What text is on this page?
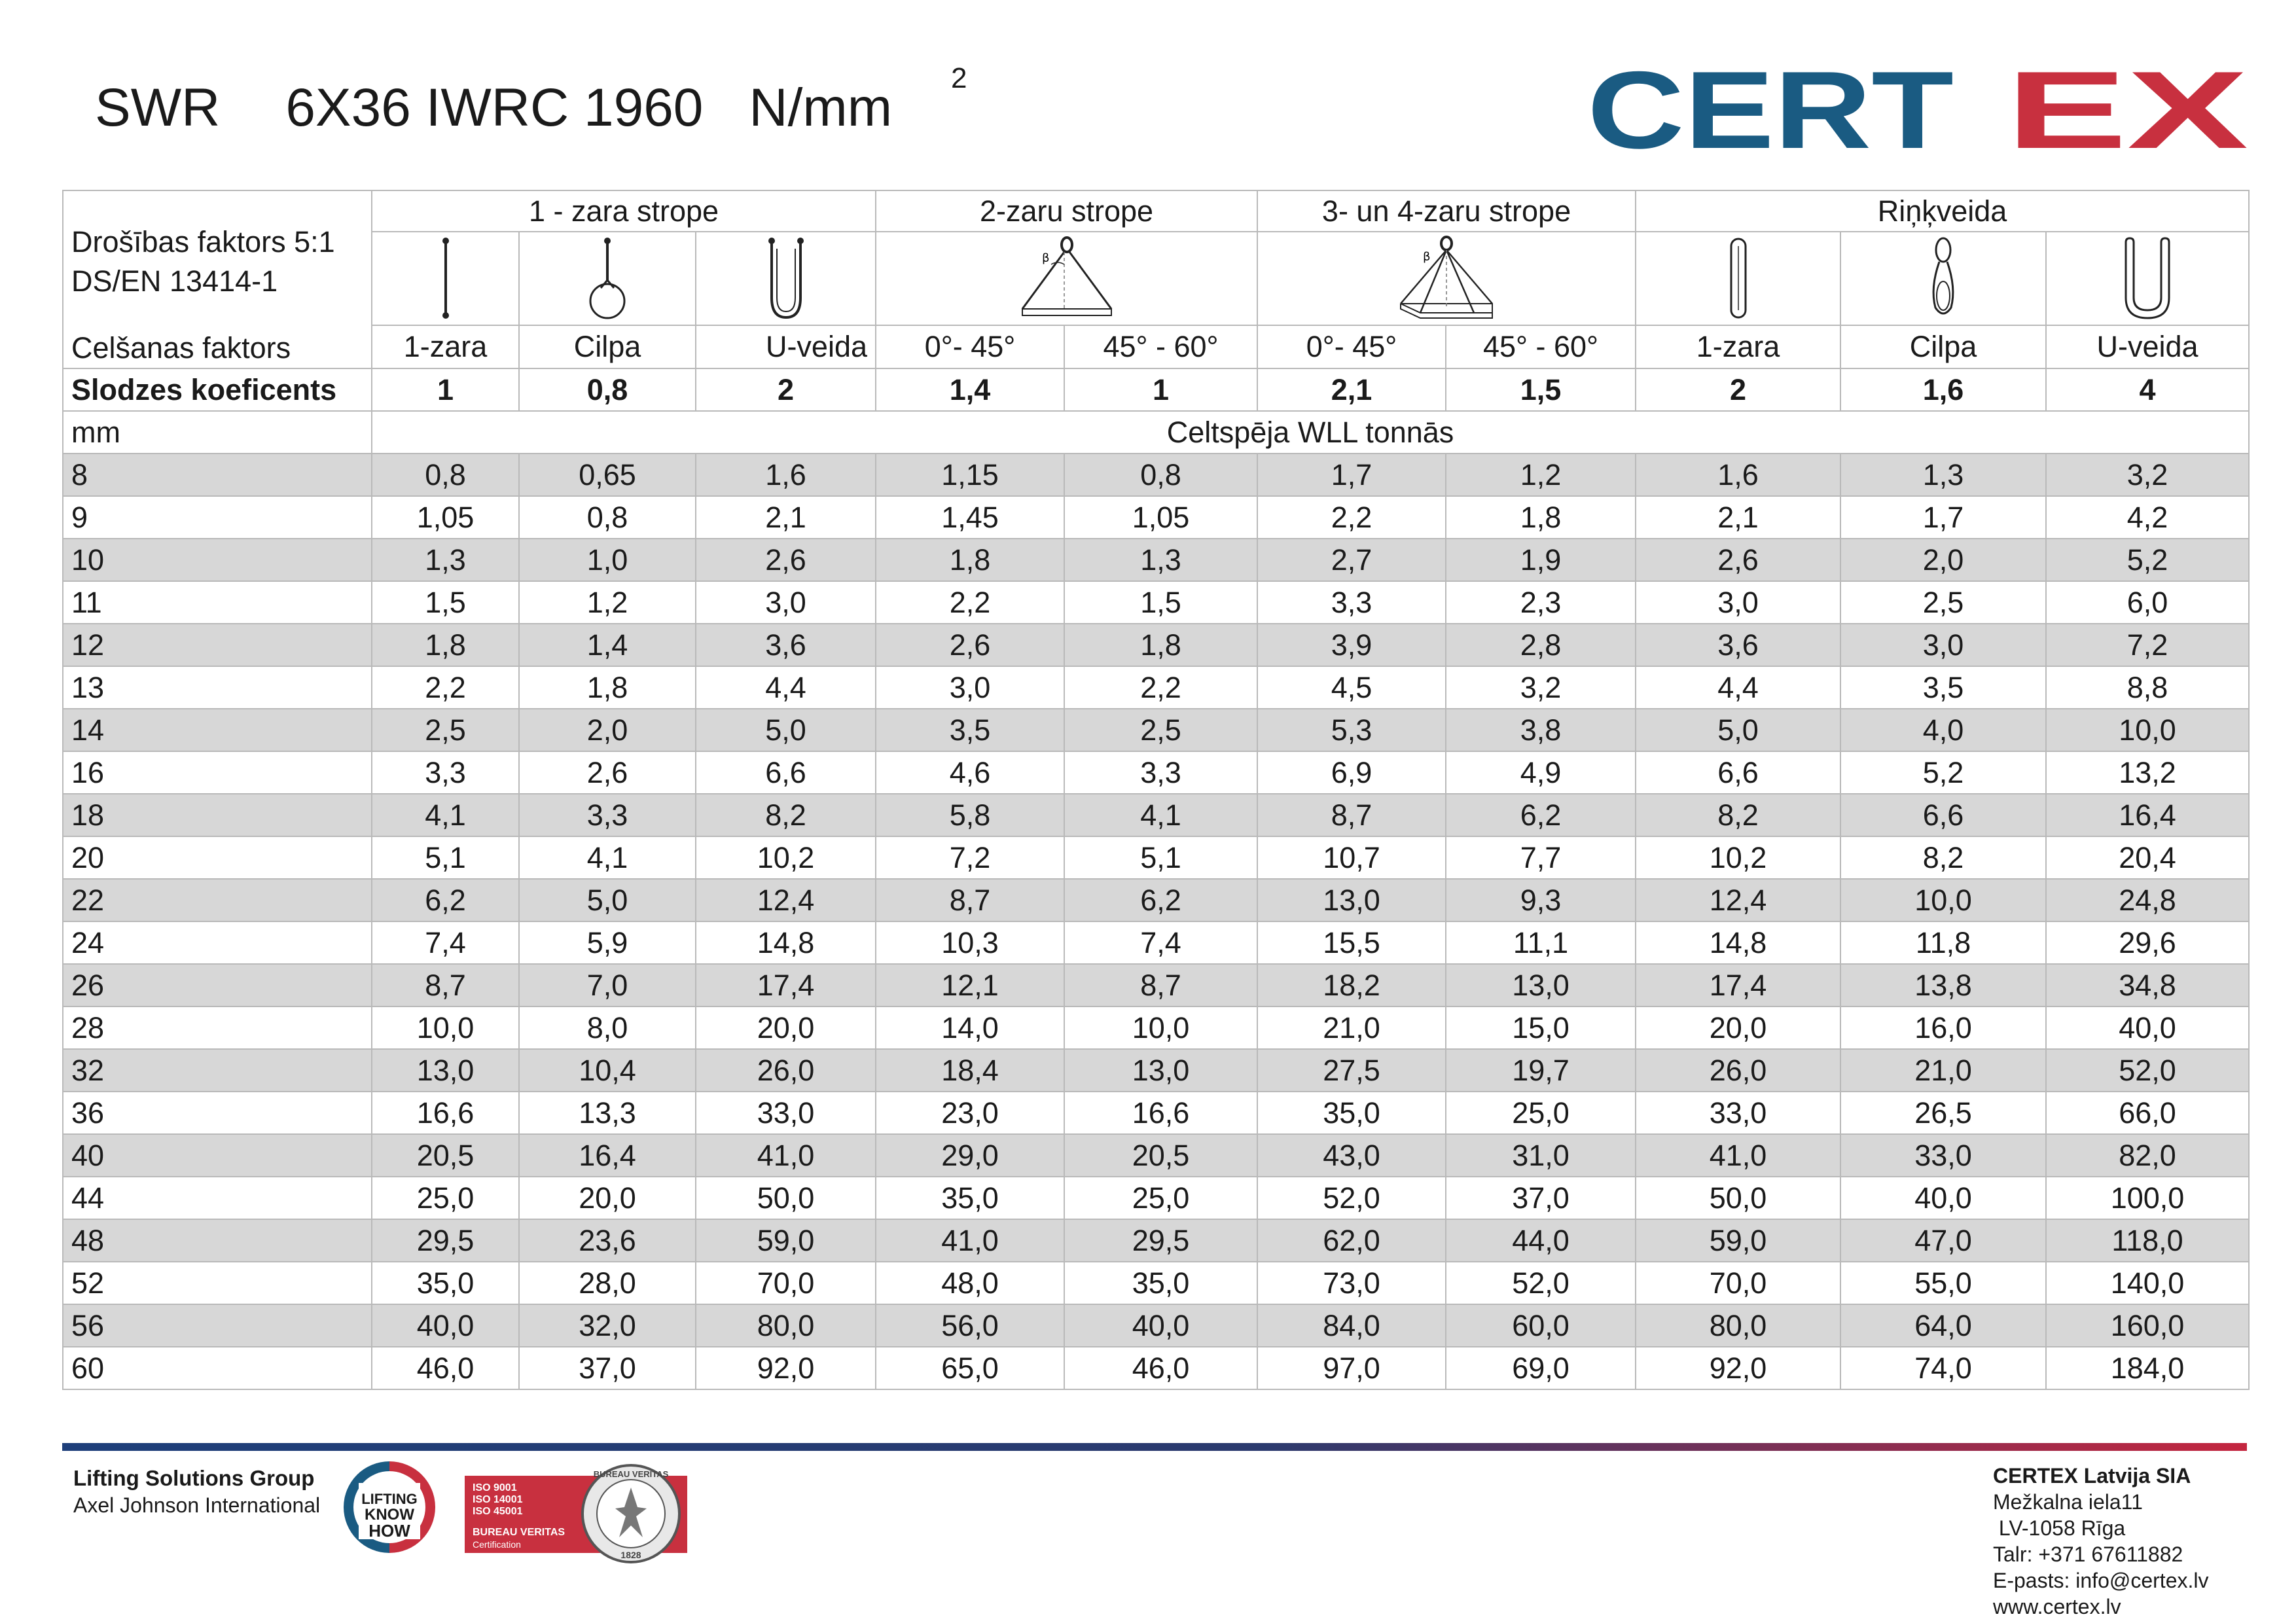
SWR 6X36 IWRC 1960 N/mm $^2$	CERT EX
Drošības faktors 5:1
DS/EN 13414-1
Celšanas faktors	1 - zara strope			2-zaru strope		3- un 4-zaru strope		Riņķveida		

β		β

	1-zara	Cilpa	U-veida	0°- 45°	45° - 60°	0°- 45°	45° - 60°	1-zara	Cilpa	U-veida
Slodzes koeficents	1	0,8	2	1,4	1	2,1	1,5	2	1,6	4
mm	Celtspēja WLL tonnās									
8	0,8	0,65	1,6	1,15	0,8	1,7	1,2	1,6	1,3	3,2
9	1,05	0,8	2,1	1,45	1,05	2,2	1,8	2,1	1,7	4,2
10	1,3	1,0	2,6	1,8	1,3	2,7	1,9	2,6	2,0	5,2
11	1,5	1,2	3,0	2,2	1,5	3,3	2,3	3,0	2,5	6,0
12	1,8	1,4	3,6	2,6	1,8	3,9	2,8	3,6	3,0	7,2
13	2,2	1,8	4,4	3,0	2,2	4,5	3,2	4,4	3,5	8,8
14	2,5	2,0	5,0	3,5	2,5	5,3	3,8	5,0	4,0	10,0
16	3,3	2,6	6,6	4,6	3,3	6,9	4,9	6,6	5,2	13,2
18	4,1	3,3	8,2	5,8	4,1	8,7	6,2	8,2	6,6	16,4
20	5,1	4,1	10,2	7,2	5,1	10,7	7,7	10,2	8,2	20,4
22	6,2	5,0	12,4	8,7	6,2	13,0	9,3	12,4	10,0	24,8
24	7,4	5,9	14,8	10,3	7,4	15,5	11,1	14,8	11,8	29,6
26	8,7	7,0	17,4	12,1	8,7	18,2	13,0	17,4	13,8	34,8
28	10,0	8,0	20,0	14,0	10,0	21,0	15,0	20,0	16,0	40,0
32	13,0	10,4	26,0	18,4	13,0	27,5	19,7	26,0	21,0	52,0
36	16,6	13,3	33,0	23,0	16,6	35,0	25,0	33,0	26,5	66,0
40	20,5	16,4	41,0	29,0	20,5	43,0	31,0	41,0	33,0	82,0
44	25,0	20,0	50,0	35,0	25,0	52,0	37,0	50,0	40,0	100,0
48	29,5	23,6	59,0	41,0	29,5	62,0	44,0	59,0	47,0	118,0
52	35,0	28,0	70,0	48,0	35,0	73,0	52,0	70,0	55,0	140,0
56	40,0	32,0	80,0	56,0	40,0	84,0	60,0	80,0	64,0	160,0
60	46,0	37,0	92,0	65,0	46,0	97,0	69,0	92,0	74,0	184,0
Lifting Solutions Group
Axel Johnson International	LIFTING
KNOW
HOW
ISO 9001
ISO 14001
ISO 45001
BUREAU VERITAS
Certification
BUREAU VERITAS
1828
CERTEX Latvija SIA
Mežkalna iela11
LV-1058 Rīga
Talr: +371 67611882
E-pasts: info@certex.lv
www.certex.lv
